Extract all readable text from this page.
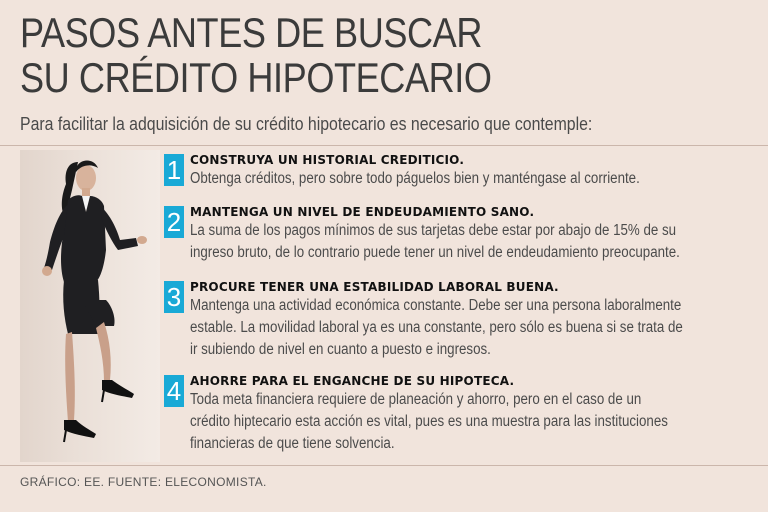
PASOS ANTES DE BUSCAR
SU CRÉDITO HIPOTECARIO
Para facilitar la adquisición de su crédito hipotecario es necesario que contemple:
1 CONSTRUYA UN HISTORIAL CREDITICIO.
Obtenga créditos, pero sobre todo páguelos bien y manténgase al corriente.
2 MANTENGA UN NIVEL DE ENDEUDAMIENTO SANO.
La suma de los pagos mínimos de sus tarjetas debe estar por abajo de 15% de su
ingreso bruto, de lo contrario puede tener un nivel de endeudamiento preocupante.
3 PROCURE TENER UNA ESTABILIDAD LABORAL BUENA.
Mantenga una actividad económica constante. Debe ser una persona laboralmente
estable. La movilidad laboral ya es una constante, pero sólo es buena si se trata de
ir subiendo de nivel en cuanto a puesto e ingresos.
4 AHORRE PARA EL ENGANCHE DE SU HIPOTECA.
Toda meta financiera requiere de planeación y ahorro, pero en el caso de un
crédito hiptecario esta acción es vital, pues es una muestra para las instituciones
financieras de que tiene solvencia.
GRÁFICO: EE. FUENTE: ELECONOMISTA.
